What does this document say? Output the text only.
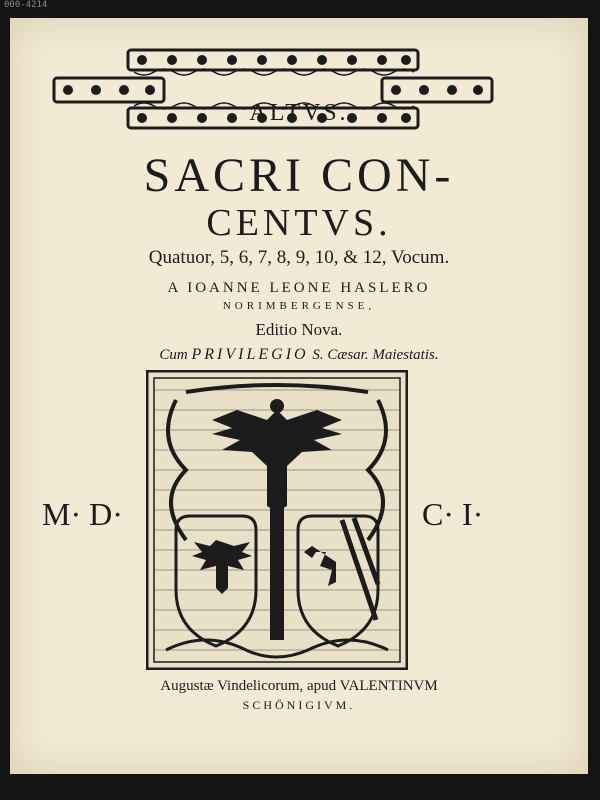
000-4214
ALTVS.
SACRI CON-
CENTVS.
Quatuor, 5, 6, 7, 8, 9, 10, & 12, Vocum.
A IOANNE LEONE HASLERO
NORIMBERGENSE,
Editio Nova.
Cum PRIVILEGIO S. Cæsar. Maiestatis.
M· D·	C· I·
Augustæ Vindelicorum, apud VALENTINVM
SCHÖNIGIVM.
